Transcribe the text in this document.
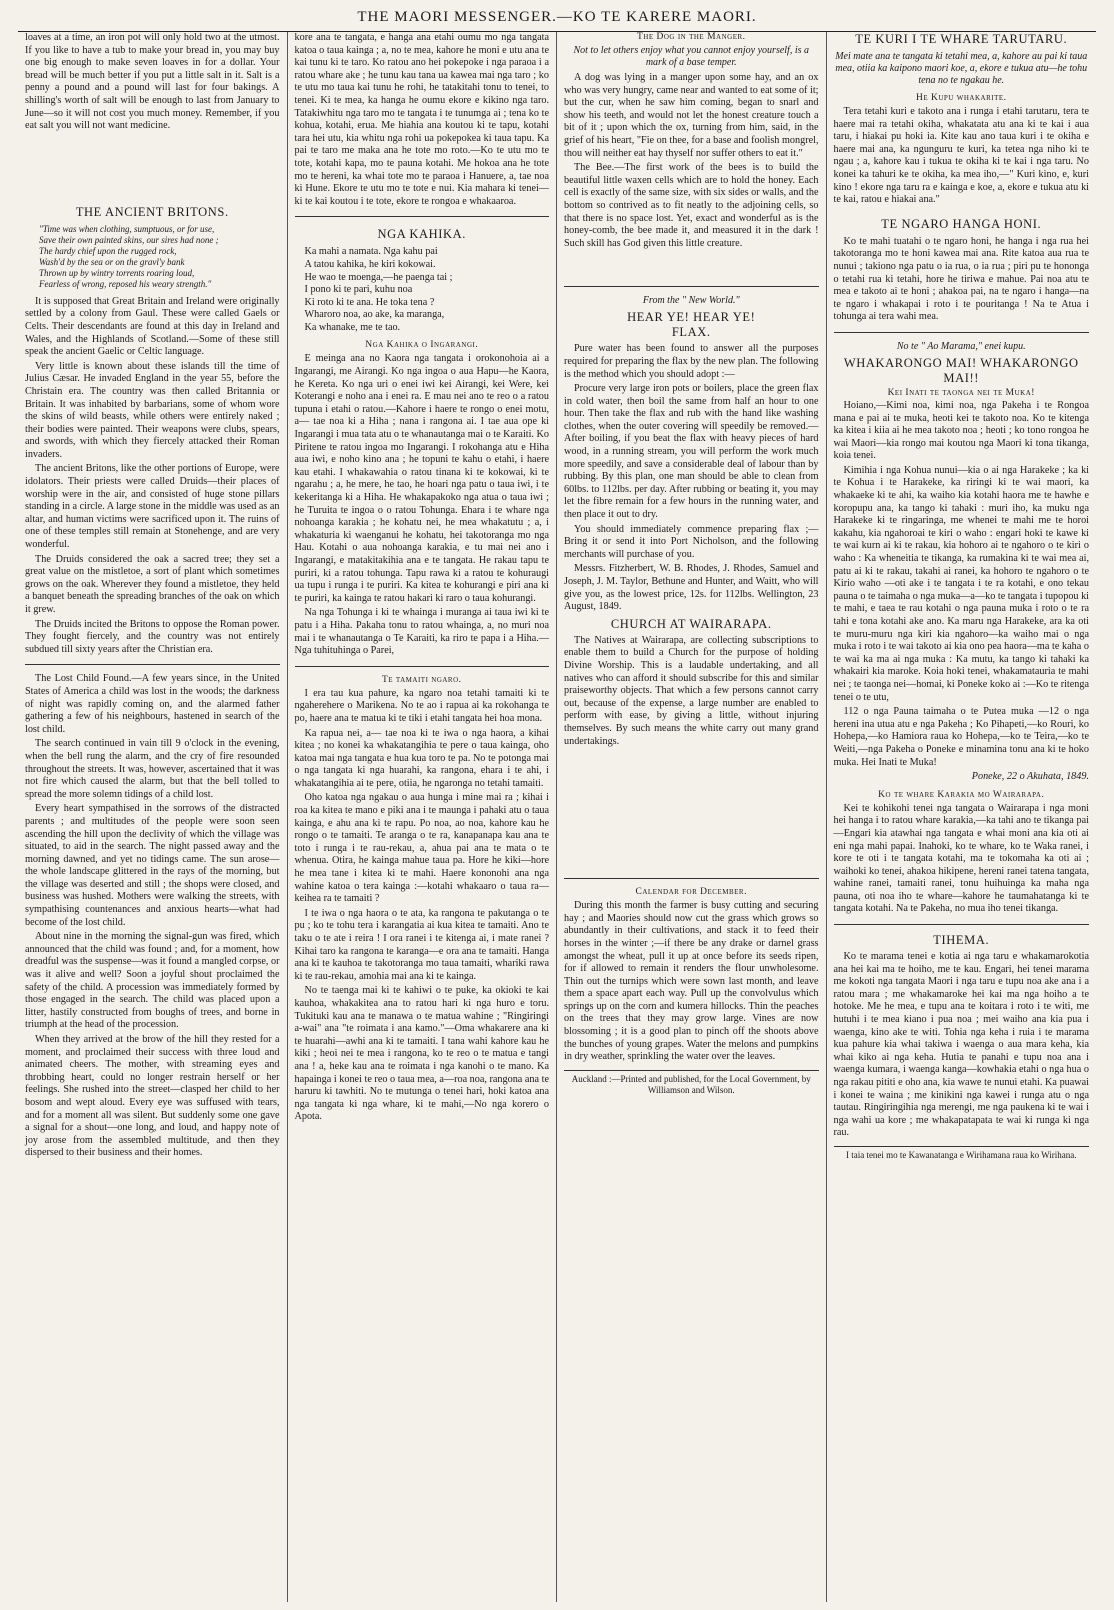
THE MAORI MESSENGER.—KO TE KARERE MAORI.

loaves at a time, an iron pot will only hold two at the utmost. If you like to have a tub to make your bread in, you may buy one big enough to make seven loaves in for a dollar. Your bread will be much better if you put a little salt in it. Salt is a penny a pound and a pound will last for four bakings. A shilling's worth of salt will be enough to last from January to June—so it will not cost you much money. Remember, if you eat salt you will not want medicine.

THE ANCIENT BRITONS.
"Time was when clothing, sumptuous, or for use,
Save their own painted skins, our sires had none ;
The hardy chief upon the rugged rock,
Wash'd by the sea or on the gravl'y bank
Thrown up by wintry torrents roaring loud,
Fearless of wrong, reposed his weary strength."

It is supposed that Great Britain and Ireland were originally settled by a colony from Gaul. These were called Gaels or Celts. Their descendants are found at this day in Ireland and Wales, and the Highlands of Scotland.—Some of these still speak the ancient Gaelic or Celtic language.

Very little is known about these islands till the time of Julius Cæsar. He invaded England in the year 55, before the Christain era. The country was then called Britannia or Britain. It was inhabited by barbarians, some of whom wore the skins of wild beasts, while others were entirely naked ; their bodies were painted. Their weapons were clubs, spears, and swords, with which they fiercely attacked their Roman invaders.

The ancient Britons, like the other portions of Europe, were idolators. Their priests were called Druids—their places of worship were in the air, and consisted of huge stone pillars standing in a circle. A large stone in the middle was used as an altar, and human victims were sacrificed upon it. The ruins of one of these temples still remain at Stonehenge, and are very wonderful.

The Druids considered the oak a sacred tree; they set a great value on the mistletoe, a sort of plant which sometimes grows on the oak. Wherever they found a mistletoe, they held a banquet beneath the spreading branches of the oak on which it grew.

The Druids incited the Britons to oppose the Roman power. They fought fiercely, and the country was not entirely subdued till sixty years after the Christian era.

The Lost Child Found.—A few years since, in the United States of America a child was lost in the woods; the darkness of night was rapidly coming on, and the alarmed father gathering a few of his neighbours, hastened in search of the lost child.

The search continued in vain till 9 o'clock in the evening, when the bell rung the alarm, and the cry of fire resounded throughout the streets. It was, however, ascertained that it was not fire which caused the alarm, but that the bell tolled to spread the more solemn tidings of a child lost.

Every heart sympathised in the sorrows of the distracted parents ; and multitudes of the people were soon seen ascending the hill upon the declivity of which the village was situated, to aid in the search. The night passed away and the morning dawned, and yet no tidings came. The sun arose—the whole landscape glittered in the rays of the morning, but the village was deserted and still ; the shops were closed, and business was hushed. Mothers were walking the streets, with sympathising countenances and anxious hearts—what had become of the lost child.

About nine in the morning the signal-gun was fired, which announced that the child was found ; and, for a moment, how dreadful was the suspense—was it found a mangled corpse, or was it alive and well? Soon a joyful shout proclaimed the safety of the child. A procession was immediately formed by those engaged in the search. The child was placed upon a litter, hastily constructed from boughs of trees, and borne in triumph at the head of the procession.

When they arrived at the brow of the hill they rested for a moment, and proclaimed their success with three loud and animated cheers. The mother, with streaming eyes and throbbing heart, could no longer restrain herself or her feelings. She rushed into the street—clasped her child to her bosom and wept aloud. Every eye was suffused with tears, and for a moment all was silent. But suddenly some one gave a signal for a shout—one long, and loud, and happy note of joy arose from the assembled multitude, and then they dispersed to their business and their homes.

kore ana te tangata, e hanga ana etahi oumu mo nga tangata katoa o taua kainga ; a, no te mea, kahore he moni e utu ana te kai tunu ki te taro. Ko ratou ano hei pokepoke i nga paraoa i a ratou whare ake ; he tunu kau tana ua kawea mai nga taro ; ko te utu mo taua kai tunu he rohi, he tatakitahi tonu to tenei, to tenei. Ki te mea, ka hanga he oumu ekore e kikino nga taro. Tatakiwhitu nga taro mo te tangata i te tunumga ai ; tena ko te kohua, kotahi, erua. Me hiahia ana koutou ki te tapu, kotahi tara hei utu, kia whitu nga rohi ua pokepokea ki taua tapu. Ka pai te taro me maka ana he tote mo roto.—Ko te utu mo te tote, kotahi kapa, mo te pauna kotahi. Me hokoa ana he tote mo te hereni, ka whai tote mo te paraoa i Hanuere, a, tae noa ki Hune. Ekore te utu mo te tote e nui. Kia mahara ki tenei—ki te kai koutou i te tote, ekore te rongoa e whakaaroa.

NGA KAHIKA.
Ka mahi a namata. Nga kahu pai
A tatou kahika, he kiri kokowai.
He wao te moenga,—he paenga tai ;
I pono ki te pari, kuhu noa
Ki roto ki te ana. He toka tena ?
Wharoro noa, ao ake, ka maranga,
Ka whanake, me te tao.
Nga Kahika o Ingarangi.

E meinga ana no Kaora nga tangata i orokonohoia ai a Ingarangi, me Airangi. Ko nga ingoa o aua Hapu—he Kaora, he Kereta. Ko nga uri o enei iwi kei Airangi, kei Were, kei Koterangi e noho ana i enei ra. E mau nei ano te reo o a ratou tupuna i etahi o ratou.—Kahore i haere te rongo o enei motu, a— tae noa ki a Hiha ; nana i rangona ai. I tae aua ope ki Ingarangi i mua tata atu o te whanautanga mai o te Karaiti. Ko Piritene te ratou ingoa mo Ingarangi. I rokohanga atu e Hiha aua iwi, e noho kino ana ; he topuni te kahu o etahi, i haere kau etahi. I whakawahia o ratou tinana ki te kokowai, ki te ngarahu ; a, he mere, he tao, he hoari nga patu o taua iwi, i te kekeritanga ki a Hiha. He whakapakoko nga atua o taua iwi ; he Turuita te ingoa o o ratou Tohunga. Ehara i te whare nga nohoanga karakia ; he kohatu nei, he mea whakatutu ; a, i whakaturia ki waenganui he kohatu, hei takotoranga mo nga Hau. Kotahi o aua nohoanga karakia, e tu mai nei ano i Ingarangi, e matakitakihia ana e te tangata. He rakau tapu te puriri, ki a ratou tohunga. Tapu rawa ki a ratou te kohuraugi ua tupu i runga i te puriri. Ka kitea te kohurangi e piri ana ki te puriri, ka kainga te ratou hakari ki raro o taua kohurangi.

Na nga Tohunga i ki te whainga i muranga ai taua iwi ki te patu i a Hiha. Pakaha tonu to ratou whainga, a, no muri noa mai i te whanautanga o Te Karaiti, ka riro te papa i a Hiha.—Nga tuhituhinga o Parei,

Te tamaiti ngaro.

I era tau kua pahure, ka ngaro noa tetahi tamaiti ki te ngaherehere o Marikena. No te ao i rapua ai ka rokohanga te po, haere ana te matua ki te tiki i etahi tangata hei hoa mona.

Ka rapua nei, a— tae noa ki te iwa o nga haora, a kihai kitea ; no konei ka whakatangihia te pere o taua kainga, oho katoa mai nga tangata e hua kua toro te pa. No te potonga mai o nga tangata ki nga huarahi, ka rangona, ehara i te ahi, i whakatangihia ai te pere, otiia, he ngaronga no tetahi tamaiti.

Oho katoa nga ngakau o aua hunga i mine mai ra ; kihai i roa ka kitea te mano e piki ana i te maunga i pahaki atu o taua kainga, e ahu ana ki te rapu. Po noa, ao noa, kahore kau he rongo o te tamaiti. Te aranga o te ra, kanapanapa kau ana te toto i runga i te rau-rekau, a, ahua pai ana te mata o te whenua. Otira, he kainga mahue taua pa. Hore he kiki—hore he mea tane i kitea ki te mahi. Haere kononohi ana nga wahine katoa o tera kainga :—kotahi whakaaro o taua ra—keihea ra te tamaiti ?

I te iwa o nga haora o te ata, ka rangona te pakutanga o te pu ; ko te tohu tera i karangatia ai kua kitea te tamaiti. Ano te taku o te ate i reira ! I ora ranei i te kitenga ai, i mate ranei ? Kihai taro ka rangona te karanga—e ora ana te tamaiti. Hanga ana ki te kauhoa te takotoranga mo taua tamaiti, whariki rawa ki te rau-rekau, amohia mai ana ki te kainga.

No te taenga mai ki te kahiwi o te puke, ka okioki te kai kauhoa, whakakitea ana to ratou hari ki nga huro e toru. Tukituki kau ana te manawa o te matua wahine ; "Ringiringi a-wai" ana "te roimata i ana kamo."—Oma whakarere ana ki te huarahi—awhi ana ki te tamaiti. I tana wahi kahore kau he kiki ; heoi nei te mea i rangona, ko te reo o te matua e tangi ana ! a, heke kau ana te roimata i nga kanohi o te mano. Ka hapainga i konei te reo o taua mea, a—roa noa, rangona ana te haruru ki tawhiti. No te mutunga o tenei hari, hoki katoa ana nga tangata ki nga whare, ki te mahi,—No nga korero o Apota.

The Dog in the Manger.
Not to let others enjoy what you cannot enjoy yourself, is a mark of a base temper.

A dog was lying in a manger upon some hay, and an ox who was very hungry, came near and wanted to eat some of it; but the cur, when he saw him coming, began to snarl and show his teeth, and would not let the honest creature touch a bit of it ; upon which the ox, turning from him, said, in the grief of his heart, "Fie on thee, for a base and foolish mongrel, thou will neither eat hay thyself nor suffer others to eat it."

The Bee.—The first work of the bees is to build the beautiful little waxen cells which are to hold the honey. Each cell is exactly of the same size, with six sides or walls, and the bottom so contrived as to fit neatly to the adjoining cells, so that there is no space lost. Yet, exact and wonderful as is the honey-comb, the bee made it, and measured it in the dark ! Such skill has God given this little creature.

From the " New World."
HEAR YE! HEAR YE!
FLAX.

Pure water has been found to answer all the purposes required for preparing the flax by the new plan. The following is the method which you should adopt :—

Procure very large iron pots or boilers, place the green flax in cold water, then boil the same from half an hour to one hour. Then take the flax and rub with the hand like washing clothes, when the outer covering will speedily be removed.—After boiling, if you beat the flax with heavy pieces of hard wood, in a running stream, you will perform the work much more speedily, and save a considerable deal of labour than by rubbing. By this plan, one man should be able to clean from 60lbs. to 112lbs. per day. After rubbing or beating it, you may let the fibre remain for a few hours in the running water, and then place it out to dry.

You should immediately commence preparing flax ;—Bring it or send it into Port Nicholson, and the following merchants will purchase of you.

Messrs. Fitzherbert, W. B. Rhodes, J. Rhodes, Samuel and Joseph, J. M. Taylor, Bethune and Hunter, and Waitt, who will give you, as the lowest price, 12s. for 112lbs. Wellington, 23 August, 1849.

CHURCH AT WAIRARAPA.

The Natives at Wairarapa, are collecting subscriptions to enable them to build a Church for the purpose of holding Divine Worship. This is a laudable undertaking, and all natives who can afford it should subscribe for this and similar praiseworthy objects. That which a few persons cannot carry out, because of the expense, a large number are enabled to perform with ease, by giving a little, without injuring themselves. By such means the white carry out many grand undertakings.

Calendar for December.

During this month the farmer is busy cutting and securing hay ; and Maories should now cut the grass which grows so abundantly in their cultivations, and stack it to feed their horses in the winter ;—if there be any drake or darnel grass amongst the wheat, pull it up at once before its seeds ripen, for if allowed to remain it renders the flour unwholesome. Thin out the turnips which were sown last month, and leave them a space apart each way. Pull up the convolvulus which springs up on the corn and kumera hillocks. Thin the peaches on the trees that they may grow large. Vines are now blossoming ; it is a good plan to pinch off the shoots above the bunches of young grapes. Water the melons and pumpkins in dry weather, sprinkling the water over the leaves.

Auckland :—Printed and published, for the Local Government, by Williamson and Wilson.
TE KURI I TE WHARE TARUTARU.
Mei mate ana te tangata ki tetahi mea, a, kahore au pai ki taua mea, otiia ka kaipono maori koe, a, ekore e tukua atu—he tohu tena no te ngakau he.
He Kupu whakarite.

Tera tetahi kuri e takoto ana i runga i etahi tarutaru, tera te haere mai ra tetahi okiha, whakatata atu ana ki te kai i aua taru, i hiakai pu hoki ia. Kite kau ano taua kuri i te okiha e haere mai ana, ka ngunguru te kuri, ka tetea nga niho ki te ngau ; a, kahore kau i tukua te okiha ki te kai i nga taru. No konei ka tahuri ke te okiha, ka mea iho,—" Kuri kino, e, kuri kino ! ekore nga taru ra e kainga e koe, a, ekore e tukua atu ki te kai, ratou e hiakai ana."

TE NGARO HANGA HONI.

Ko te mahi tuatahi o te ngaro honi, he hanga i nga rua hei takotoranga mo te honi kawea mai ana. Rite katoa aua rua te nunui ; takiono nga patu o ia rua, o ia rua ; piri pu te hononga o tetahi rua ki tetahi, hore he tiriwa e mahue. Pai noa atu te mea e takoto ai te honi ; ahakoa pai, na te ngaro i hanga—na te ngaro i whakapai i roto i te pouritanga ! Na te Atua i tohunga ai tera wahi mea.

No te " Ao Marama," enei kupu.
WHAKARONGO MAI! WHAKARONGO MAI!!
Kei Inati te taonga nei te Muka!

Hoiano,—Kimi noa, kimi noa, nga Pakeha i te Rongoa mana e pai ai te muka, heoti kei te takoto noa. Ko te kitenga ka kitea i kiia ai he mea takoto noa ; heoti ; ko tono rongoa he wai Maori—kia rongo mai koutou nga Maori ki tona tikanga, koia tenei.

Kimihia i nga Kohua nunui—kia o ai nga Harakeke ; ka ki te Kohua i te Harakeke, ka riringi ki te wai maori, ka whakaeke ki te ahi, ka waiho kia kotahi haora me te hawhe e koropupu ana, ka tango ki tahaki : muri iho, ka muku nga Harakeke ki te ringaringa, me whenei te mahi me te horoi kakahu, kia ngahoroai te kiri o waho : engari hoki te kawe ki te wai kurn ai ki te rakau, kia hohoro ai te ngahoro o te kiri o waho : Ka wheneitia te tikanga, ka rumakina ki te wai mea ai, patu ai ki te rakau, takahi ai ranei, ka hohoro te ngahoro o te Kirio waho —oti ake i te tangata i te ra kotahi, e ono tekau pauna o te taimaha o nga muka—a—ko te tangata i tupopou ki te mahi, e taea te rau kotahi o nga pauna muka i roto o te ra tahi e tona kotahi ake ano. Ka maru nga Harakeke, ara ka oti te muru-muru nga kiri kia ngahoro—ka waiho mai o nga muka i roto i te wai takoto ai kia ono pea haora—ma te kaha o te wai ka ma ai nga muka : Ka mutu, ka tango ki tahaki ka whakairi kia maroke. Koia hoki tenei, whakamatauria te mahi nei ; te taonga nei—homai, ki Poneke koko ai :—Ko te ritenga tenei o te utu,

112 o nga Pauna taimaha o te Putea muka —12 o nga hereni ina utua atu e nga Pakeha ; Ko Pihapeti,—ko Rouri, ko Hohepa,—ko Hamiora raua ko Hohepa,—ko te Teira,—ko te Weiti,—nga Pakeha o Poneke e minamina tonu ana ki te hoko muka. Hei Inati te Muka!

Poneke, 22 o Akuhata, 1849.

Ko te whare Karakia mo Wairarapa.

Kei te kohikohi tenei nga tangata o Wairarapa i nga moni hei hanga i to ratou whare karakia,—ka tahi ano te tikanga pai—Engari kia atawhai nga tangata e whai moni ana kia oti ai eni nga mahi papai. Inahoki, ko te whare, ko te Waka ranei, i kore te oti i te tangata kotahi, ma te tokomaha ka oti ai ; waihoki ko tenei, ahakoa hikipene, hereni ranei tatena tangata, wahine ranei, tamaiti ranei, tonu huihuinga ka maha nga pauna, oti noa iho te whare—kahore he taumahatanga ki te tangata kotahi. Na te Pakeha, no mua iho tenei tikanga.

TIHEMA.

Ko te marama tenei e kotia ai nga taru e whakamarokotia ana hei kai ma te hoiho, me te kau. Engari, hei tenei marama me kokoti nga tangata Maori i nga taru e tupu noa ake ana i a ratou mara ; me whakamaroke hei kai ma nga hoiho a te hotoke. Me he mea, e tupu ana te koitara i roto i te witi, me hutuhi i te mea kiano i pua noa ; mei waiho ana kia pua i waenga, kino ake te witi. Tohia nga keha i ruia i te marama kua pahure kia whai takiwa i waenga o aua mara keha, kia whai kiko ai nga keha. Hutia te panahi e tupu noa ana i waenga kumara, i waenga kanga—kowhakia etahi o nga hua o nga rakau pititi e oho ana, kia wawe te nunui etahi. Ka puawai i konei te waina ; me kinikini nga kawei i runga atu o nga tautau. Ringiringihia nga merengi, me nga paukena ki te wai i nga wahi ua kore ; me whakapatapata te wai ki runga ki nga rau.

I taia tenei mo te Kawanatanga e Wirihamana raua ko Wirihana.
